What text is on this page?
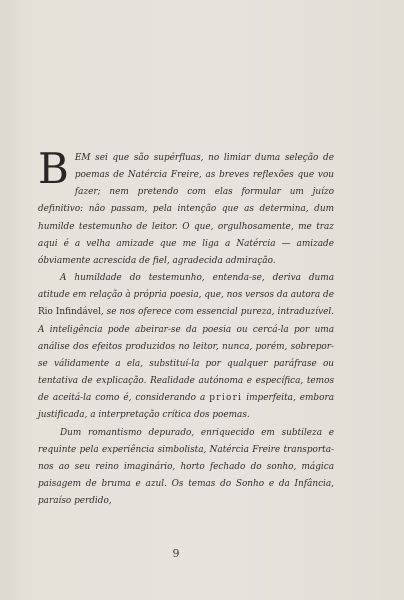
BEM sei que são supérfluas, no limiar duma seleção de poemas de Natércia Freire, as breves reflexões que vou fazer; nem pretendo com elas formular um juízo definitivo: não passam, pela intenção que as determina, dum humilde testemunho de leitor. O que, orgulhosamente, me traz aqui é a velha amizade que me liga a Natércia — amizade óbviamente acrescida de fiel, agradecida admiração.

A humildade do testemunho, entenda-se, deriva duma atitude em relação à própria poesia, que, nos versos da autora de Rio Infindável, se nos oferece com essencial pureza, intraduzível. A inteligência pode abeirar-se da poesia ou cercá-la por uma análise dos efeitos produzidos no leitor, nunca, porém, sobrepor-se válidamente a ela, substituí-la por qualquer paráfrase ou tentativa de explicação. Realidade autónoma e específica, temos de aceitá-la como é, considerando a priori imperfeita, embora justificada, a interpretação crítica dos poemas.

Dum romantismo depurado, enriquecido em subtileza e requinte pela experiência simbolista, Natércia Freire transporta-nos ao seu reino imaginário, horto fechado do sonho, mágica paisagem de bruma e azul. Os temas do Sonho e da Infância, paraíso perdido,

9
